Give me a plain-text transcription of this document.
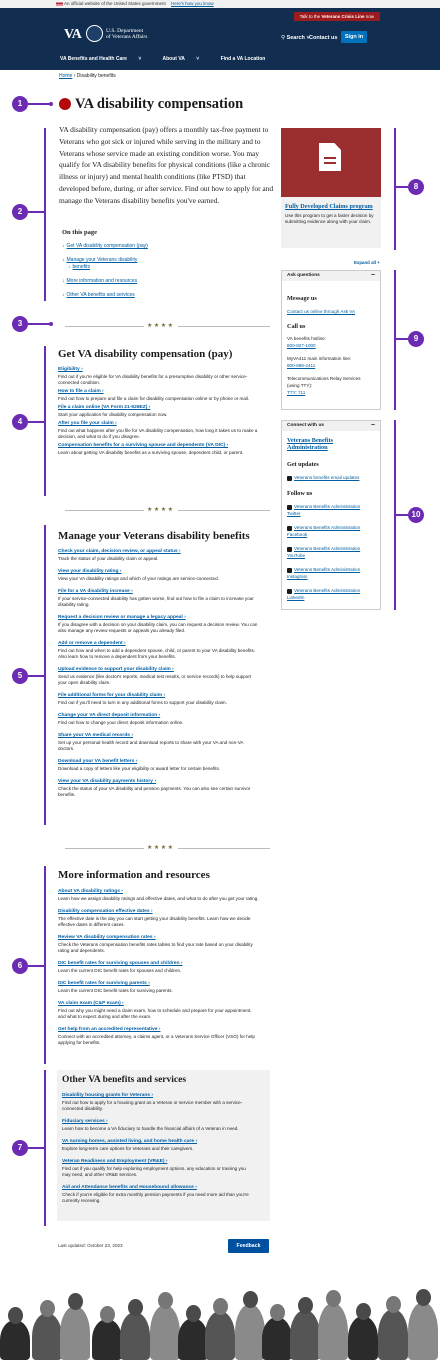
An official website of the United States government Here's how you know
Talk to the Veterans Crisis Line now
VA	U.S. Department
of Veterans Affairs	⚲ Search ˅ Contact us	Sign in
VA Benefits and Health Care ˅	About VA ˅	Find a VA Location
Home › Disability benefits
1
2
3
4
5
6
7
8
9
10
VA disability compensation

VA disability compensation (pay) offers a monthly tax-free payment to Veterans who got sick or injured while serving in the military and to Veterans whose service made an existing condition worse. You may qualify for VA disability benefits for physical conditions (like a chronic illness or injury) and mental health conditions (like PTSD) that developed before, during, or after service. Find out how to apply for and manage the Veterans disability benefits you've earned.

On this page
↓ Get VA disability compensation (pay)
↓ Manage your Veterans disability
↓ benefits
↓ More information and resources
↓ Other VA benefits and services
★★★★
Get VA disability compensation (pay)
Eligibility ›
Find out if you're eligible for VA disability benefits for a presumptive disability or other service-
connected condition.
How to file a claim ›
Find out how to prepare and file a claim for disability compensation online or by phone or mail.
File a claim online (VA Form 21-526EZ) ›
Start your application for disability compensation now.
After you file your claim ›
Find out what happens after you file for VA disability compensation, how long it takes us to make a
decision, and what to do if you disagree.
Compensation benefits for a surviving spouse and dependents (VA DIC) ›
Learn about getting VA disability benefits as a surviving spouse, dependent child, or parent.
★★★★
Manage your Veterans disability benefits
Check your claim, decision review, or appeal status ›
Track the status of your disability claim or appeal.
View your disability rating ›
View your VA disability ratings and which of your ratings are service-connected.
File for a VA disability increase ›
If your service-connected disability has gotten worse, find out how to file a claim to increase your
disability rating.
Request a decision review or manage a legacy appeal ›
If you disagree with a decision on your disability claim, you can request a decision review. You can
also manage any review requests or appeals you already filed.
Add or remove a dependent ›
Find out how and when to add a dependent spouse, child, or parent to your VA disability benefits.
Also learn how to remove a dependent from your benefits.
Upload evidence to support your disability claim ›
Send us evidence (like doctor's reports, medical test results, or service records) to help support
your open disability claim.
File additional forms for your disability claim ›
Find out if you'll need to turn in any additional forms to support your disability claim.
Change your VA direct deposit information ›
Find out how to change your direct deposit information online.
Share your VA medical records ›
Set up your personal health record and download reports to share with your VA and non-VA
doctors.
Download your VA benefit letters ›
Download a copy of letters like your eligibility or award letter for certain benefits.
View your VA disability payments history ›
Check the status of your VA disability and pension payments. You can also see certain survivor
benefits.
★★★★
More information and resources
About VA disability ratings ›
Learn how we assign disability ratings and effective dates, and what to do after you get your rating.
Disability compensation effective dates ›
The effective date is the day you can start getting your disability benefits. Learn how we decide
effective dates in different cases.
Review VA disability compensation rates ›
Check the Veterans compensation benefits rates tables to find your rate based on your disability
rating and dependents.
DIC benefit rates for surviving spouses and children ›
Learn the current DIC benefit rates for spouses and children.
DIC benefit rates for surviving parents ›
Learn the current DIC benefit rates for surviving parents.
VA claim exam (C&P exam) ›
Find out why you might need a claim exam, how to schedule and prepare for your appointment,
and what to expect during and after the exam.
Get help from an accredited representative ›
Connect with an accredited attorney, a claims agent, or a Veterans Service Officer (VSO) for help
applying for benefits.
Other VA benefits and services
Disability housing grants for Veterans ›
Find out how to apply for a housing grant as a Veteran or service member with a service-
connected disability.
Fiduciary services ›
Learn how to become a VA fiduciary to handle the financial affairs of a Veteran in need.
VA nursing homes, assisted living, and home health care ›
Explore long-term care options for Veterans and their caregivers.
Veteran Readiness and Employment (VR&E) ›
Find out if you qualify for help exploring employment options, any education or training you
may need, and other VR&E services.
Aid and Attendance benefits and Housebound allowance ›
Check if you're eligible for extra monthly pension payments if you need more aid than you're
currently receiving.
Last updated: October 23, 2023	Feedback
Fully Developed Claims program
Use this program to get a faster decision by submitting evidence along with your claim.
Expand all +
Ask questions	−
Message us
Contact us online through Ask VA
Call us
VA benefits hotline:
800-827-1000
MyVA411 main information line:
800-698-2411
Telecommunications Relay Services
(using TTY):
TTY: 711
Connect with us	−
Veterans Benefits
Administration
Get updates
Veterans benefits email updates
Follow us
Veterans Benefits Administration
Twitter
Veterans Benefits Administration
Facebook
Veterans Benefits Administration
YouTube
Veterans Benefits Administration
Instagram
Veterans Benefits Administration
LinkedIn
